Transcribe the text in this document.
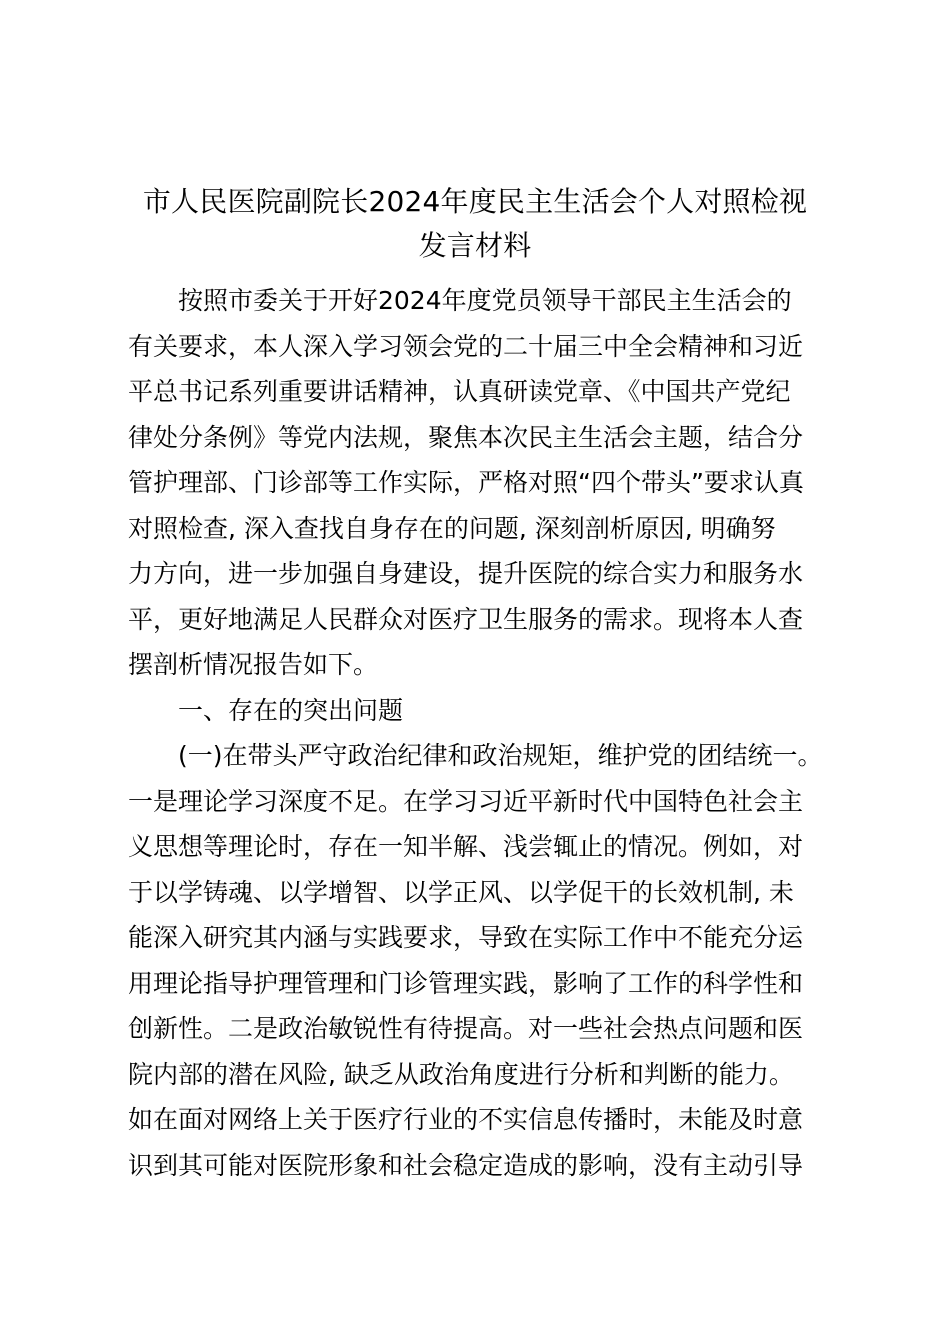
市人民医院副院长2024年度民主生活会个人对照检视
发言材料
按照市委关于开好2024年度党员领导干部民主生活会的
有关要求，本人深入学习领会党的二十届三中全会精神和习近
平总书记系列重要讲话精神，认真研读党章、《中国共产党纪
律处分条例》等党内法规，聚焦本次民主生活会主题，结合分
管护理部、门诊部等工作实际，严格对照“四个带头”要求认真
对照检查, 深入查找自身存在的问题, 深刻剖析原因, 明确努
力方向，进一步加强自身建设，提升医院的综合实力和服务水
平，更好地满足人民群众对医疗卫生服务的需求。现将本人查
摆剖析情况报告如下。
一、存在的突出问题
(一)在带头严守政治纪律和政治规矩，维护党的团结统一。
一是理论学习深度不足。在学习习近平新时代中国特色社会主
义思想等理论时，存在一知半解、浅尝辄止的情况。例如，对
于以学铸魂、以学增智、以学正风、以学促干的长效机制, 未
能深入研究其内涵与实践要求，导致在实际工作中不能充分运
用理论指导护理管理和门诊管理实践，影响了工作的科学性和
创新性。二是政治敏锐性有待提高。对一些社会热点问题和医
院内部的潜在风险, 缺乏从政治角度进行分析和判断的能力。
如在面对网络上关于医疗行业的不实信息传播时，未能及时意
识到其可能对医院形象和社会稳定造成的影响，没有主动引导
